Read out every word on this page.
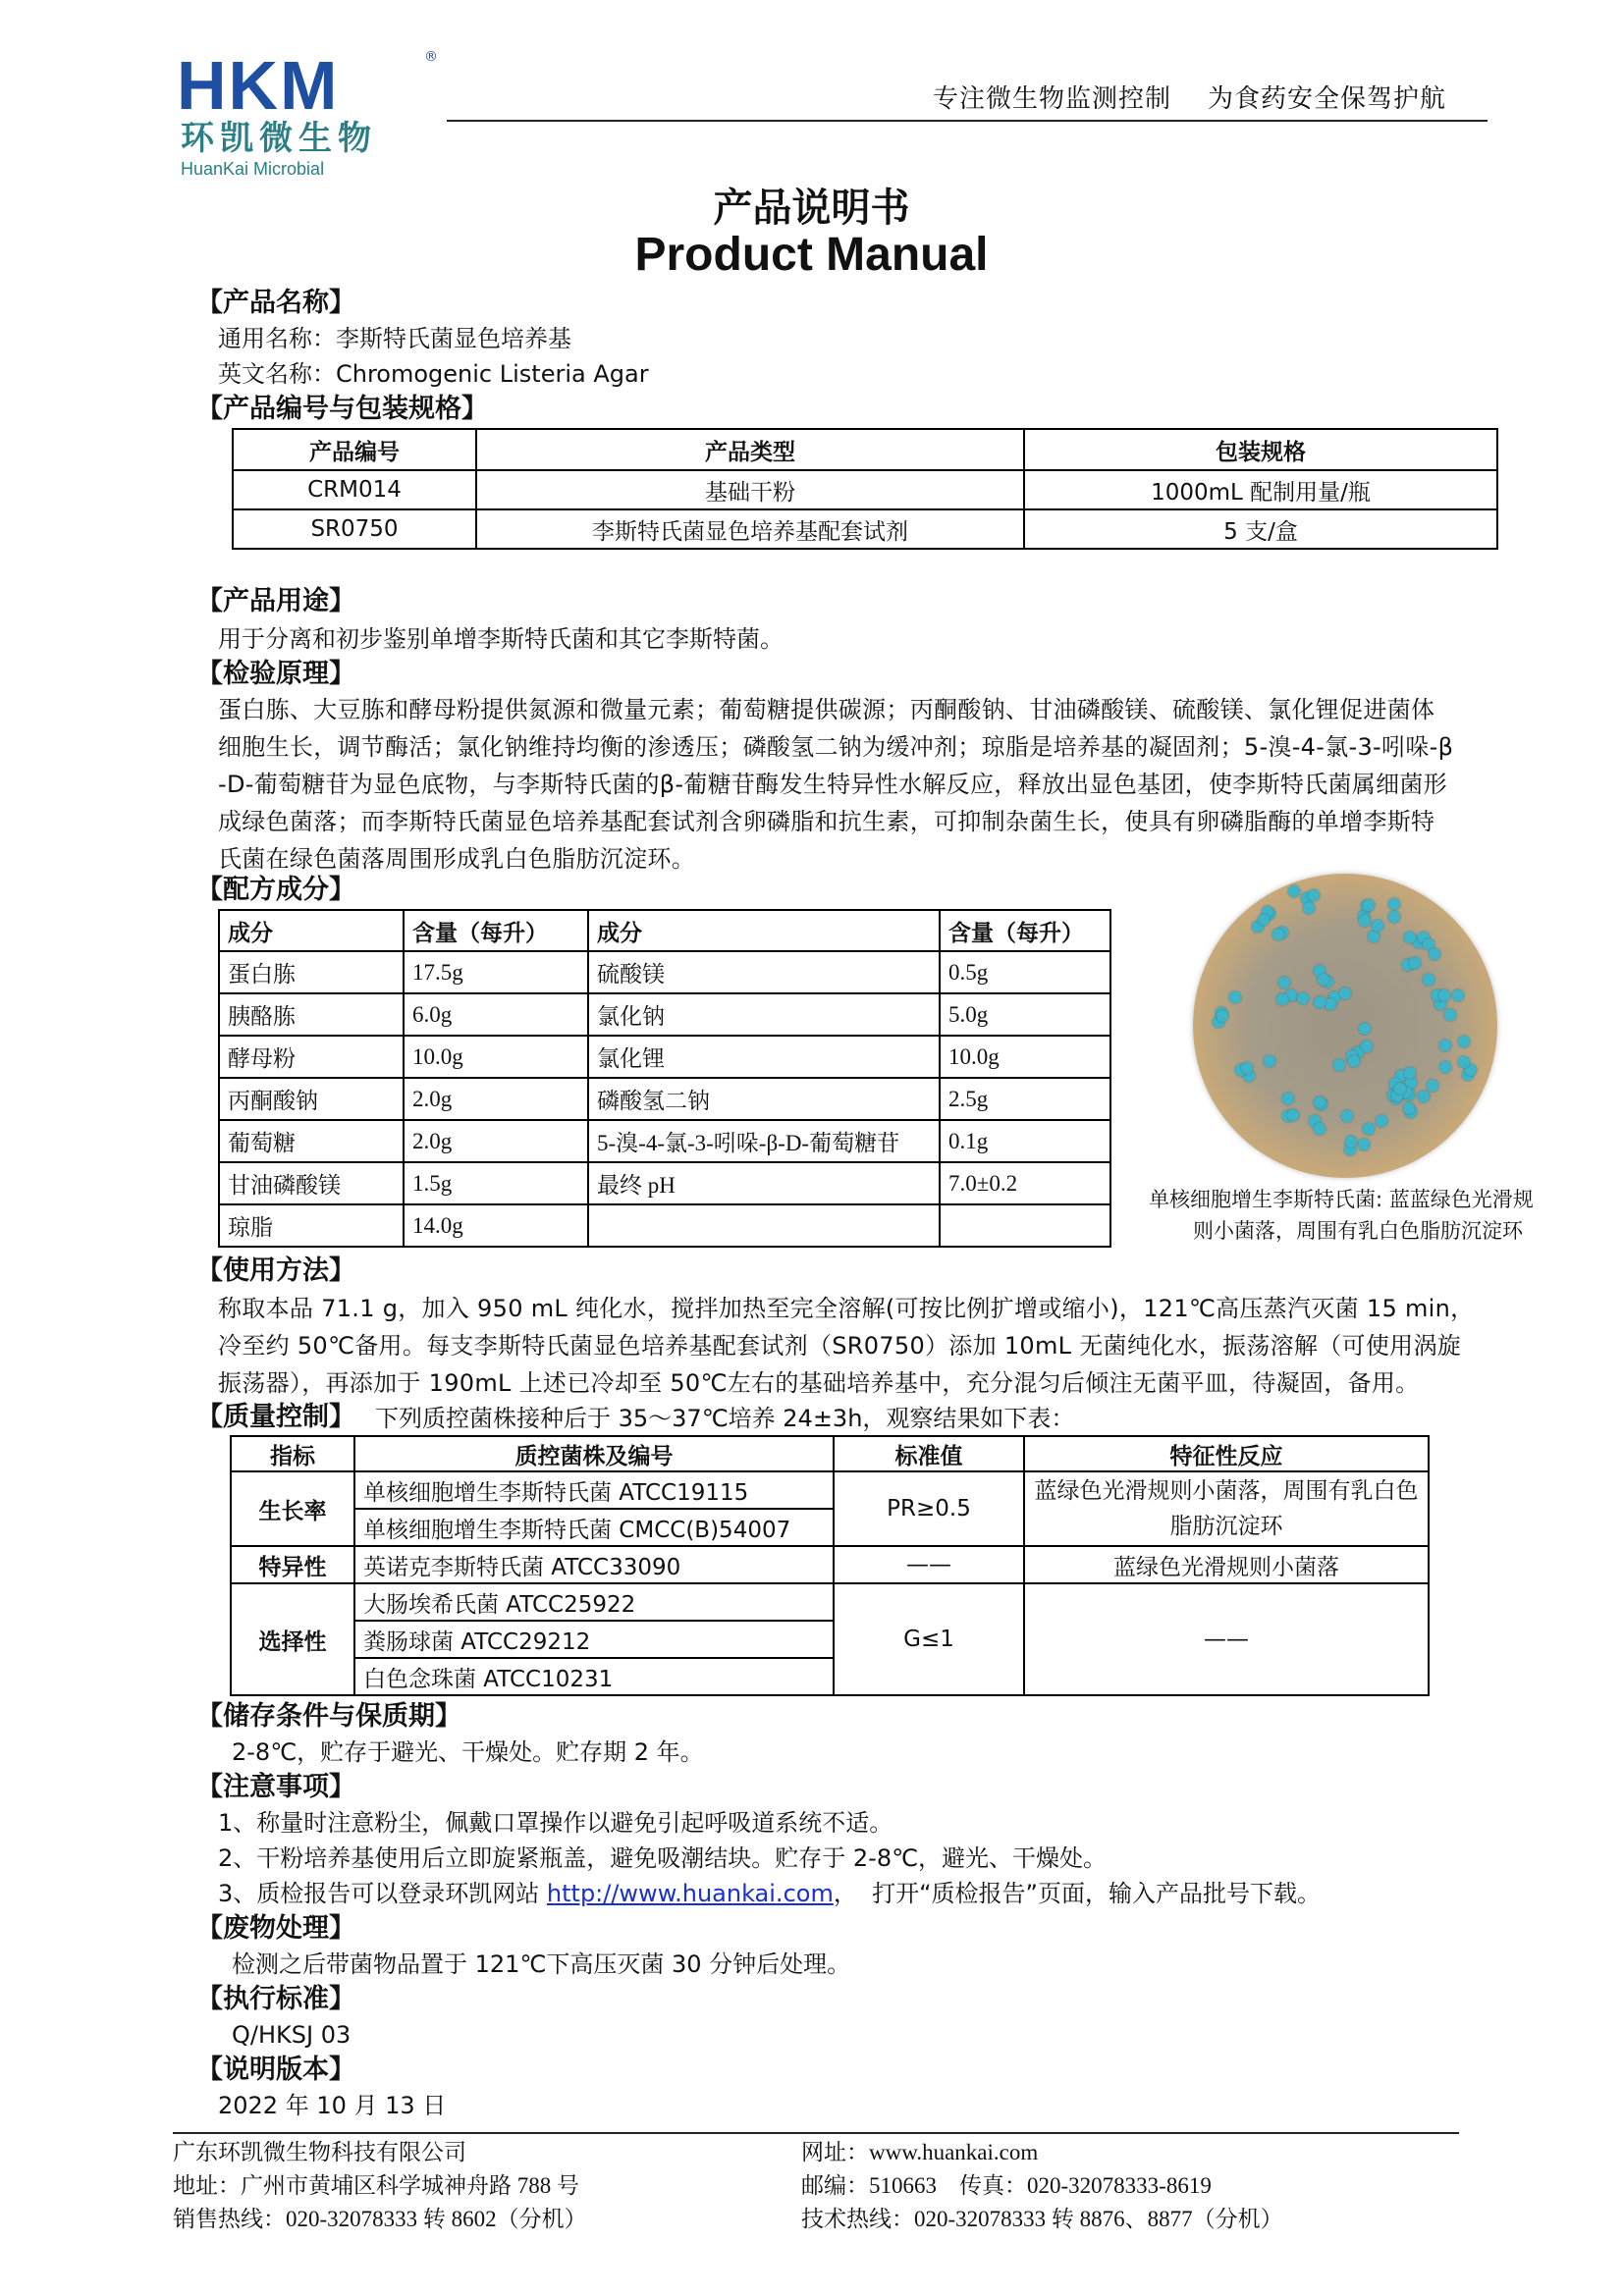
HKM	®
环凯微生物
HuanKai Microbial
专注微生物监测控制    为食药安全保驾护航
产品说明书
Product Manual
【产品名称】
通用名称：李斯特氏菌显色培养基
英文名称：Chromogenic Listeria Agar
【产品编号与包装规格】
产品编号	产品类型	包装规格
CRM014	基础干粉	1000mL 配制用量/瓶
SR0750	李斯特氏菌显色培养基配套试剂	5 支/盒
【产品用途】
用于分离和初步鉴别单增李斯特氏菌和其它李斯特菌。
【检验原理】
蛋白胨、大豆胨和酵母粉提供氮源和微量元素；葡萄糖提供碳源；丙酮酸钠、甘油磷酸镁、硫酸镁、氯化锂促进菌体
细胞生长，调节酶活；氯化钠维持均衡的渗透压；磷酸氢二钠为缓冲剂；琼脂是培养基的凝固剂；5-溴-4-氯-3-吲哚-β
-D-葡萄糖苷为显色底物，与李斯特氏菌的β-葡糖苷酶发生特异性水解反应，释放出显色基团，使李斯特氏菌属细菌形
成绿色菌落；而李斯特氏菌显色培养基配套试剂含卵磷脂和抗生素，可抑制杂菌生长，使具有卵磷脂酶的单增李斯特
氏菌在绿色菌落周围形成乳白色脂肪沉淀环。
【配方成分】
成分	含量（每升）	成分	含量（每升）
蛋白胨	17.5g	硫酸镁	0.5g
胰酪胨	6.0g	氯化钠	5.0g
酵母粉	10.0g	氯化锂	10.0g
丙酮酸钠	2.0g	磷酸氢二钠	2.5g
葡萄糖	2.0g	5-溴-4-氯-3-吲哚-β-D-葡萄糖苷	0.1g
甘油磷酸镁	1.5g	最终 pH	7.0±0.2
琼脂	14.0g		
单核细胞增生李斯特氏菌: 蓝蓝绿色光滑规
则小菌落，周围有乳白色脂肪沉淀环
【使用方法】
称取本品 71.1 g，加入 950 mL 纯化水，搅拌加热至完全溶解(可按比例扩增或缩小)，121℃高压蒸汽灭菌 15 min，
冷至约 50℃备用。每支李斯特氏菌显色培养基配套试剂（SR0750）添加 10mL 无菌纯化水，振荡溶解（可使用涡旋
振荡器），再添加于 190mL 上述已冷却至 50℃左右的基础培养基中，充分混匀后倾注无菌平皿，待凝固，备用。
【质量控制】 下列质控菌株接种后于 35～37℃培养 24±3h，观察结果如下表：
指标	质控菌株及编号	标准值	特征性反应
生长率	单核细胞增生李斯特氏菌 ATCC19115	PR≥0.5	蓝绿色光滑规则小菌落，周围有乳白色脂肪沉淀环
	单核细胞增生李斯特氏菌 CMCC(B)54007		
特异性	英诺克李斯特氏菌 ATCC33090	——	蓝绿色光滑规则小菌落
选择性	大肠埃希氏菌 ATCC25922	G≤1	——
	粪肠球菌 ATCC29212		
	白色念珠菌 ATCC10231		
【储存条件与保质期】
2-8℃，贮存于避光、干燥处。贮存期 2 年。
【注意事项】
1、称量时注意粉尘，佩戴口罩操作以避免引起呼吸道系统不适。
2、干粉培养基使用后立即旋紧瓶盖，避免吸潮结块。贮存于 2-8℃，避光、干燥处。
3、质检报告可以登录环凯网站 http://www.huankai.com，  打开“质检报告”页面，输入产品批号下载。
【废物处理】
检测之后带菌物品置于 121℃下高压灭菌 30 分钟后处理。
【执行标准】
Q/HKSJ 03
【说明版本】
2022 年 10 月 13 日
广东环凯微生物科技有限公司
地址：广州市黄埔区科学城神舟路 788 号
销售热线：020-32078333 转 8602（分机）
网址：www.huankai.com
邮编：510663    传真：020-32078333-8619
技术热线：020-32078333 转 8876、8877（分机）
